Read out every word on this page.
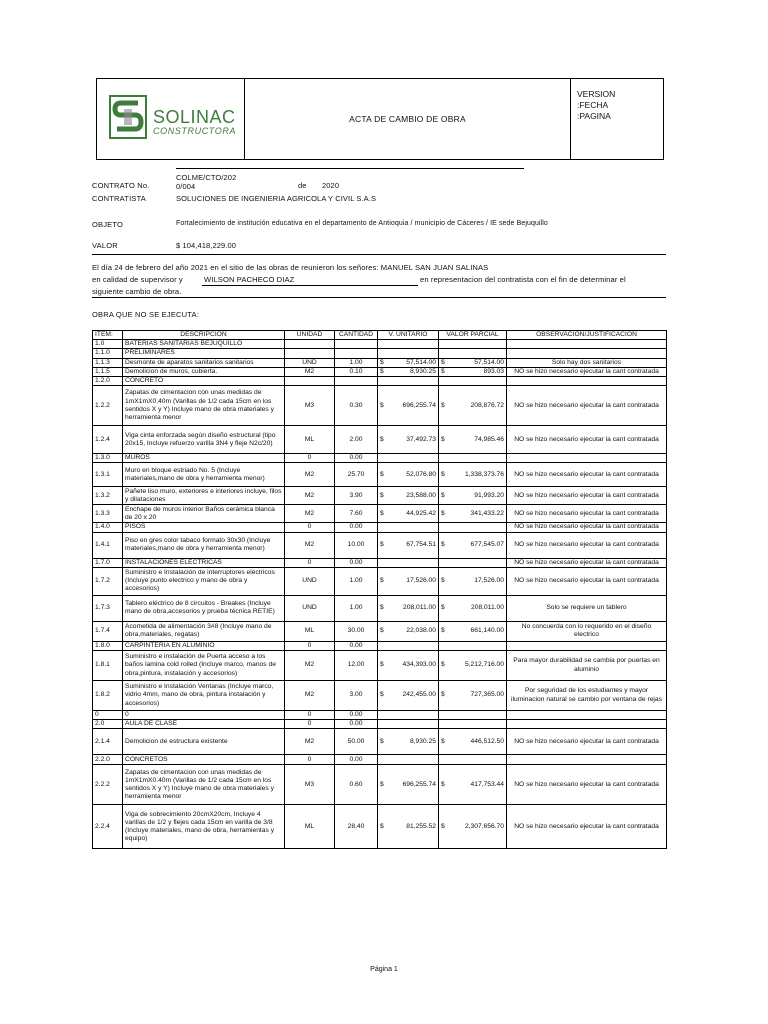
SOLINAC
CONSTRUCTORA
ACTA DE CAMBIO DE OBRA
VERSION
:FECHA
:PAGINA
COLME/CTO/202
CONTRATO No.	0/004	de 2020
CONTRATISTA	SOLUCIONES DE INGENIERIA AGRICOLA Y CIVIL S.A.S
OBJETO	Fortalecimiento de institución educativa en el departamento de Antioquia / municipio de Cáceres / IE sede Bejuquillo
VALOR	$ 104,418,229.00
El día 24 de febrero del año 2021 en el sitio de las obras de reunieron los señores: MANUEL SAN JUAN SALINAS
en calidad de supervisor y	WILSON PACHECO DIAZ	en representacion del contratista con el fin de determinar el
siguiente cambio de obra.
OBRA QUE NO SE EJECUTA:
ITEM:	DESCRIPCION	UNIDAD	CANTIDAD	V. UNITARIO	VALOR PARCIAL	OBSERVACION/JUSTIFICACION
1.0	BATERIAS SANITARIAS BEJUQUILLO			

1.1.0	PRELIMINARES			

1.1.3	Desmonte de aparatos sanitarios sanitarios	UND	1.00	$ 57,514.00	$ 57,514.00	Solo hay dos sanitarios
1.1.5	Demolicion de muros, cubierta.	M2	0.10	$ 8,930.25	$ 893.03	NO se hizo necesario ejecutar la cant contratada
1.2.0	CONCRETO			

1.2.2	Zapatas de cimentacion con unas medidas de 1mX1mX0.40m (Varillas de 1/2 cada 15cm en los sentidos X y Y) Incluye mano de obra materiales y herramienta menor	M3	0.30	$ 696,255.74	$ 208,876.72	NO se hizo necesario ejecutar la cant contratada
1.2.4	Viga cinta enforzada según diseño estructural (tipo 20x15, Incluye refuerzo varilla 3N4 y fleje N2c/20)	ML	2.00	$ 37,492.73	$ 74,985.46	NO se hizo necesario ejecutar la cant contratada
1.3.0	MUROS	0	0.00	

1.3.1	Muro en bloque estriado No. 5 (Incluye materiales,mano de obra y herramienta menor)	M2	25.70	$ 52,076.80	$ 1,338,373.76	NO se hizo necesario ejecutar la cant contratada
1.3.2	Pañete liso muro, exteriores e interiores incluye, filos y dilataciones	M2	3.90	$ 23,588.00	$ 91,993.20	NO se hizo necesario ejecutar la cant contratada
1.3.3	Enchape de muros interior Baños cerámica blanca de 20 x 20	M2	7.60	$ 44,925.42	$ 341,433.22	NO se hizo necesario ejecutar la cant contratada
1.4.0	PISOS	0	0.00			NO se hizo necesario ejecutar la cant contratada
1.4.1	Piso en gres color tabaco formato 30x30 (Incluye materiales,mano de obra y herramienta menor)	M2	10.00	$ 67,754.51	$ 677,545.07	NO se hizo necesario ejecutar la cant contratada
1.7.0	INSTALACIONES ELECTRICAS	0	0.00			NO se hizo necesario ejecutar la cant contratada
1.7.2	Suministro e Instalación de interruptores eléctricos (Incluye punto electrico y mano de obra y accesorios)	UND	1.00	$ 17,526.00	$ 17,526.00	NO se hizo necesario ejecutar la cant contratada
1.7.3	Tablero eléctrico de 8 circuitos - Breakes (Incluye mano de obra,accesorios y prueba técnica RETIE)	UND	1.00	$ 208,011.00	$ 208,011.00	Solo se requiere un tablero
1.7.4	Acometida de alimentación 3#8 (Incluye mano de obra,materiales, regatas)	ML	30.00	$ 22,038.00	$ 661,140.00	No concuerda con lo requerido en el diseño electrico
1.8.0	CARPINTERIA EN ALUMINIO	0	0.00	

1.8.1	Suministro e instalación de Puerta acceso a los baños lamina cold rolled (Incluye marco, manos de obra,pintura, instalación y accesorios)	M2	12.00	$ 434,393.00	$ 5,212,716.00	Para mayor durabilidad se cambia por puertas en aluminio
1.8.2	Suministro e Instalación Ventanas (Incluye marco, vidrio 4mm, mano de obra, pintura instalación y accesorios)	M2	3.00	$ 242,455.00	$ 727,365.00	Por seguridad de los estudiantes y mayor iluminacion natural se cambio por ventana de rejas
0	0	0	0.00	

2.0	AULA DE CLASE	0	0.00	

2.1.4	Demolicion de estructura existente	M2	50.00	$ 8,930.25	$ 446,512.50	NO se hizo necesario ejecutar la cant contratada
2.2.0	CONCRETOS	0	0.00	

2.2.2	Zapatas de cimentacion con unas medidas de 1mX1mX0.40m (Varillas de 1/2 cada 15cm en los sentidos X y Y) Incluye mano de obra materiales y herramienta menor	M3	0.60	$ 696,255.74	$ 417,753.44	NO se hizo necesario ejecutar la cant contratada
2.2.4	Viga de sobrecimiento 20cmX20cm, Incluye 4 varillas de 1/2 y flejes cada 15cm en varilla de 3/8 (Incluye materiales, mano de obra, herramientas y equipo)	ML	28.40	$ 81,255.52	$ 2,307,656.70	NO se hizo necesario ejecutar la cant contratada
Página 1
